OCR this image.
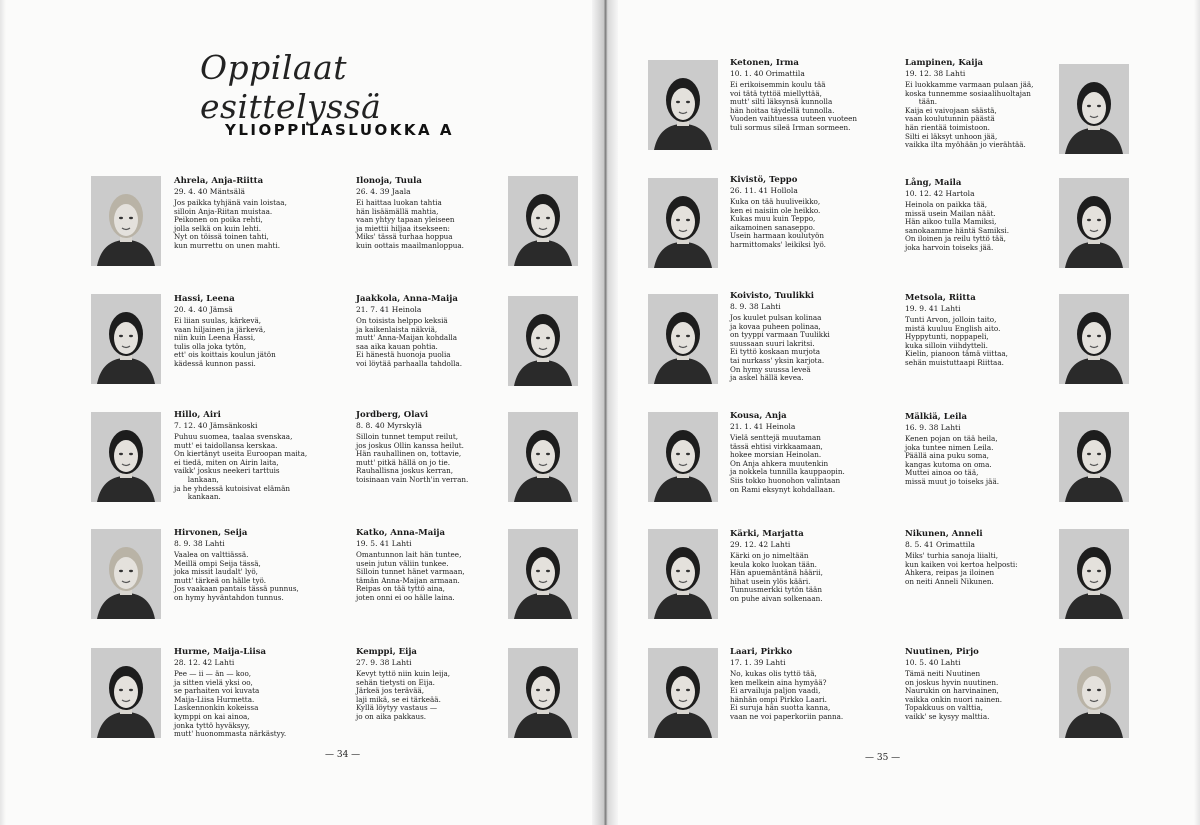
Oppilaat esittelyssä
YLIOPPILASLUOKKA A
Ahrela, Anja-Riitta
29. 4. 40 Mäntsälä
Jos paikka tyhjänä vain loistaa,
silloin Anja-Riitan muistaa.
Peikonen on poika rehti,
jolla selkä on kuin lehti.
Nyt on töissä toinen tahti,
kun murrettu on unen mahti.
Ilonoja, Tuula
26. 4. 39 Jaala
Ei haittaa luokan tahtia
hän lisäämällä mahtia,
vaan yhtyy tapaan yleiseen
ja miettii hiljaa itsekseen:
Miks' tässä turhaa hoppua
kuin oottais maailmanloppua.
Hassi, Leena
20. 4. 40 Jämsä
Ei liian suulas, kärkevä,
vaan hiljainen ja järkevä,
niin kuin Leena Hassi,
tulis olla joka tytön,
ett' ois koittais koulun jätön
kädessä kunnon passi.
Jaakkola, Anna-Maija
21. 7. 41 Heinola
On toisista helppo keksiä
ja kaikenlaista näkviä,
mutt' Anna-Maijan kohdalla
saa aika kauan pohtia.
Ei hänestä huonoja puolia
voi löytää parhaalla tahdolla.
Hillo, Airi
7. 12. 40 Jämsänkoski
Puhuu suomea, taalaa svenskaa,
mutt' ei taidollansa kerskaa.
On kiertänyt useita Euroopan maita,
ei tiedä, miten on Airin laita,
vaikk' joskus neekeri tarttuis
lankaan,
ja he yhdessä kutoisivat elämän
kankaan.
Jordberg, Olavi
8. 8. 40 Myrskylä
Silloin tunnet temput reilut,
jos joskus Ollin kanssa heilut.
Hän rauhallinen on, tottavie,
mutt' pitkä hällä on jo tie.
Rauhallisna joskus kerran,
toisinaan vain North'in verran.
Hirvonen, Seija
8. 9. 38 Lahti
Vaalea on valttiässä.
Meillä ompi Seija tässä,
joka missit laudalt' lyö,
mutt' tärkeä on hälle työ.
Jos vaakaan pantais tässä punnus,
on hymy hyväntahdon tunnus.
Katko, Anna-Maija
19. 5. 41 Lahti
Omantunnon lait hän tuntee,
usein jutun väliin tunkee.
Silloin tunnet hänet varmaan,
tämän Anna-Maijan armaan.
Reipas on tää tyttö aina,
joten onni ei oo hälle laina.
Hurme, Maija-Liisa
28. 12. 42 Lahti
Pee — ii — än — koo,
ja sitten vielä yksi oo,
se parhaiten voi kuvata
Maija-Liisa Hurmetta.
Laskennonkin kokeissa
kymppi on kai ainoa,
jonka tyttö hyväksyy,
mutt' huonommasta närkästyy.
Kemppi, Eija
27. 9. 38 Lahti
Kevyt tyttö niin kuin leija,
sehän tietysti on Eija.
Järkeä jos terävää,
laji mikä, se ei tärkeää.
Kyllä löytyy vastaus —
jo on aika pakkaus.
Ketonen, Irma
10. 1. 40 Orimattila
Ei erikoisemmin koulu tää
voi tätä tyttöä miellyttää,
mutt' silti läksynsä kunnolla
hän hoitaa täydellä tunnolla.
Vuoden vaihtuessa uuteen vuoteen
tuli sormus sileä Irman sormeen.
Lampinen, Kaija
19. 12. 38 Lahti
Ei luokkamme varmaan pulaan jää,
koska tunnemme sosiaalihuoltajan
tään.
Kaija ei vaivojaan säästä,
vaan koulutunnin päästä
hän rientää toimistoon.
Silti ei läksyt unhoon jää,
vaikka ilta myöhään jo vierähtää.
Kivistö, Teppo
26. 11. 41 Hollola
Kuka on tää huuliveikko,
ken ei naisiin ole heikko.
Kukas muu kuin Teppo,
aikamoinen sanaseppo.
Usein harmaan koulutyön
harmittomaks' leikiksi lyö.
Lång, Maila
10. 12. 42 Hartola
Heinola on paikka tää,
missä usein Mailan näät.
Hän aikoo tulla Mamiksi,
sanokaamme häntä Samiksi.
On iloinen ja reilu tyttö tää,
joka harvoin toiseks jää.
Koivisto, Tuulikki
8. 9. 38 Lahti
Jos kuulet pulsan kolinaa
ja kovaa puheen polinaa,
on tyyppi varmaan Tuulikki
suussaan suuri lakritsi.
Ei tyttö koskaan murjota
tai nurkass' yksin karjota.
On hymy suussa leveä
ja askel hällä kevea.
Metsola, Riitta
19. 9. 41 Lahti
Tunti Arvon, jolloin taito,
mistä kuuluu English aito.
Hyppytunti, noppapeli,
kuka silloin viihdytteli.
Kielin, pianoon tämä viittaa,
sehän muistuttaapi Riittaa.
Kousa, Anja
21. 1. 41 Heinola
Vielä senttejä muutaman
tässä ehtisi virkkaamaan,
hokee morsian Heinolan.
On Anja ahkera muutenkin
ja nokkela tunnilla kauppaopin.
Siis tokko huonohon valintaan
on Rami eksynyt kohdallaan.
Mälkiä, Leila
16. 9. 38 Lahti
Kenen pojan on tää heila,
joka tuntee nimen Leila.
Päällä aina puku soma,
kangas kutoma on oma.
Muttei ainoa oo tää,
missä muut jo toiseks jää.
Kärki, Marjatta
29. 12. 42 Lahti
Kärki on jo nimeltään
keula koko luokan tään.
Hän apuemäntänä häärii,
hihat usein ylös kääri.
Tunnusmerkki tytön tään
on puhe aivan solkenaan.
Nikunen, Anneli
8. 5. 41 Orimattila
Miks' turhia sanoja liialti,
kun kaiken voi kertoa helposti:
Ahkera, reipas ja iloinen
on neiti Anneli Nikunen.
Laari, Pirkko
17. 1. 39 Lahti
No, kukas olis tyttö tää,
ken melkein aina hymyää?
Ei arvailuja paljon vaadi,
hänhän ompi Pirkko Laari.
Ei suruja hän suotta kanna,
vaan ne voi paperkoriin panna.
Nuutinen, Pirjo
10. 5. 40 Lahti
Tämä neiti Nuutinen
on joskus hyvin nuutinen.
Naurukin on harvinainen,
vaikka onkin nuori nainen.
Topakkuus on valttia,
vaikk' se kysyy malttia.
— 34 —	— 35 —
